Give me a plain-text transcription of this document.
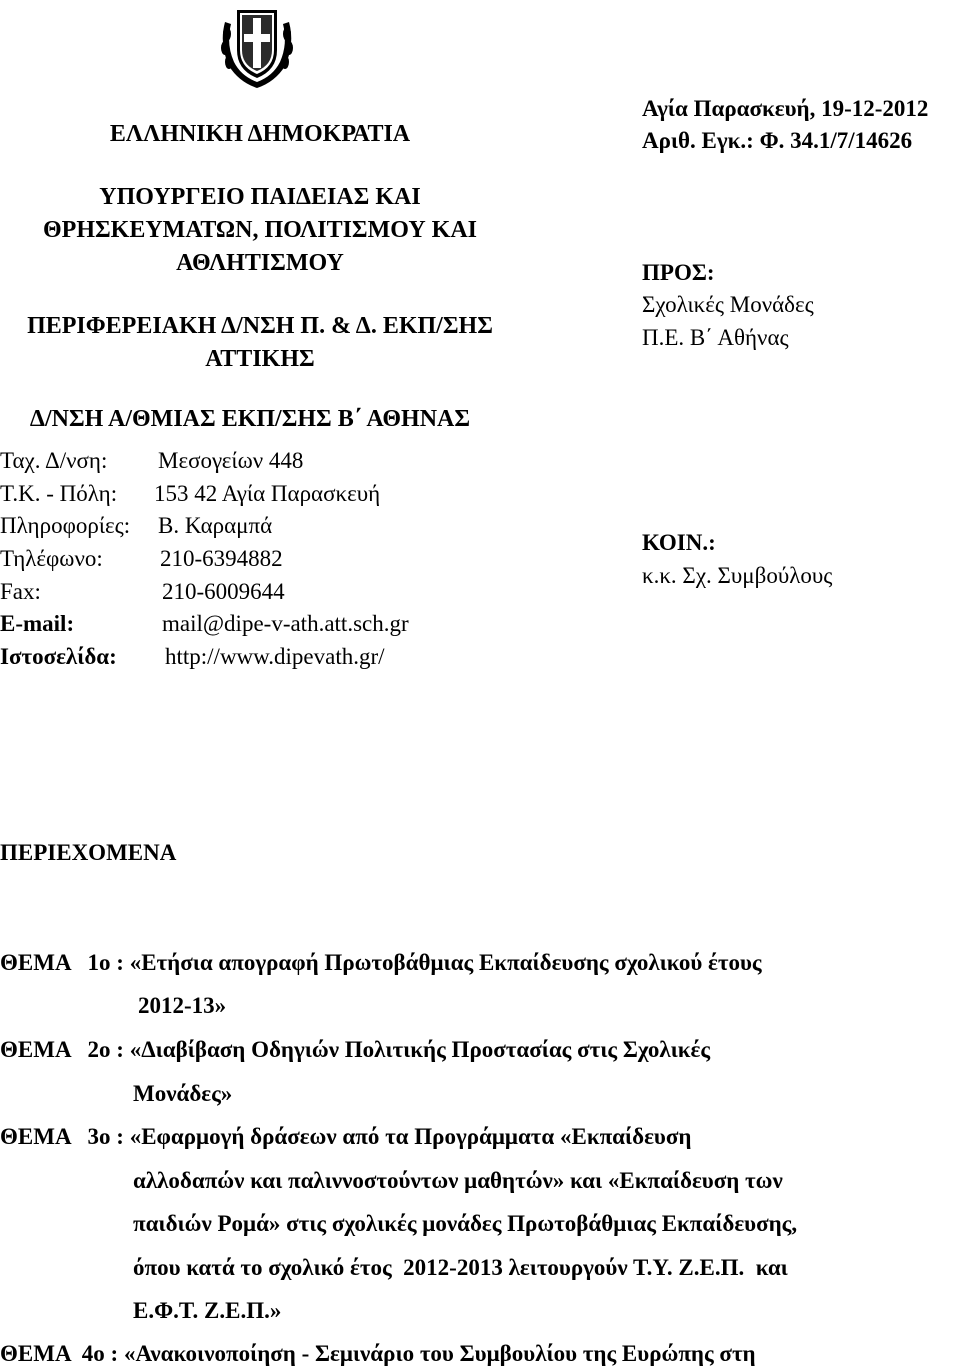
ΕΛΛΗΝΙΚΗ ΔΗΜΟΚΡΑΤΙΑ
ΥΠΟΥΡΓΕΙΟ ΠΑΙΔΕΙΑΣ ΚΑΙ
ΘΡΗΣΚΕΥΜΑΤΩΝ, ΠΟΛΙΤΙΣΜΟΥ ΚΑΙ
ΑΘΛΗΤΙΣΜΟΥ
ΠΕΡΙΦΕΡΕΙΑΚΗ Δ/ΝΣΗ Π. & Δ. ΕΚΠ/ΣΗΣ
ΑΤΤΙΚΗΣ
Δ/ΝΣΗ Α/ΘΜΙΑΣ ΕΚΠ/ΣΗΣ Β΄ ΑΘΗΝΑΣ
Ταχ. Δ/νση: Μεσογείων 448
Τ.Κ. - Πόλη: 153 42 Αγία Παρασκευή
Πληροφορίες: Β. Καραμπά
Τηλέφωνο: 210-6394882
Fax:	210-6009644
E-mail:	mail@dipe-v-ath.att.sch.gr
Ιστοσελίδα: http://www.dipevath.gr/
Αγία Παρασκευή, 19-12-2012
Αριθ. Εγκ.: Φ. 34.1/7/14626
ΠΡΟΣ:
Σχολικές Μονάδες
Π.Ε. Β΄ Αθήνας
ΚΟΙΝ.:
κ.κ. Σχ. Συμβούλους
ΠΕΡΙΕΧΟΜΕΝΑ
ΘΕΜΑ   1ο : «Ετήσια απογραφή Πρωτοβάθμιας Εκπαίδευσης σχολικού έτους
2012-13»
ΘΕΜΑ   2ο : «Διαβίβαση Οδηγιών Πολιτικής Προστασίας στις Σχολικές
Μονάδες»
ΘΕΜΑ   3ο : «Εφαρμογή δράσεων από τα Προγράμματα «Εκπαίδευση
αλλοδαπών και παλιννοστούντων μαθητών» και «Εκπαίδευση των
παιδιών Ρομά» στις σχολικές μονάδες Πρωτοβάθμιας Εκπαίδευσης,
όπου κατά το σχολικό έτος  2012-2013 λειτουργούν Τ.Υ. Ζ.Ε.Π.  και
Ε.Φ.Τ. Ζ.Ε.Π.»
ΘΕΜΑ  4ο : «Ανακοινοποίηση - Σεμινάριο του Συμβουλίου της Ευρώπης στη
